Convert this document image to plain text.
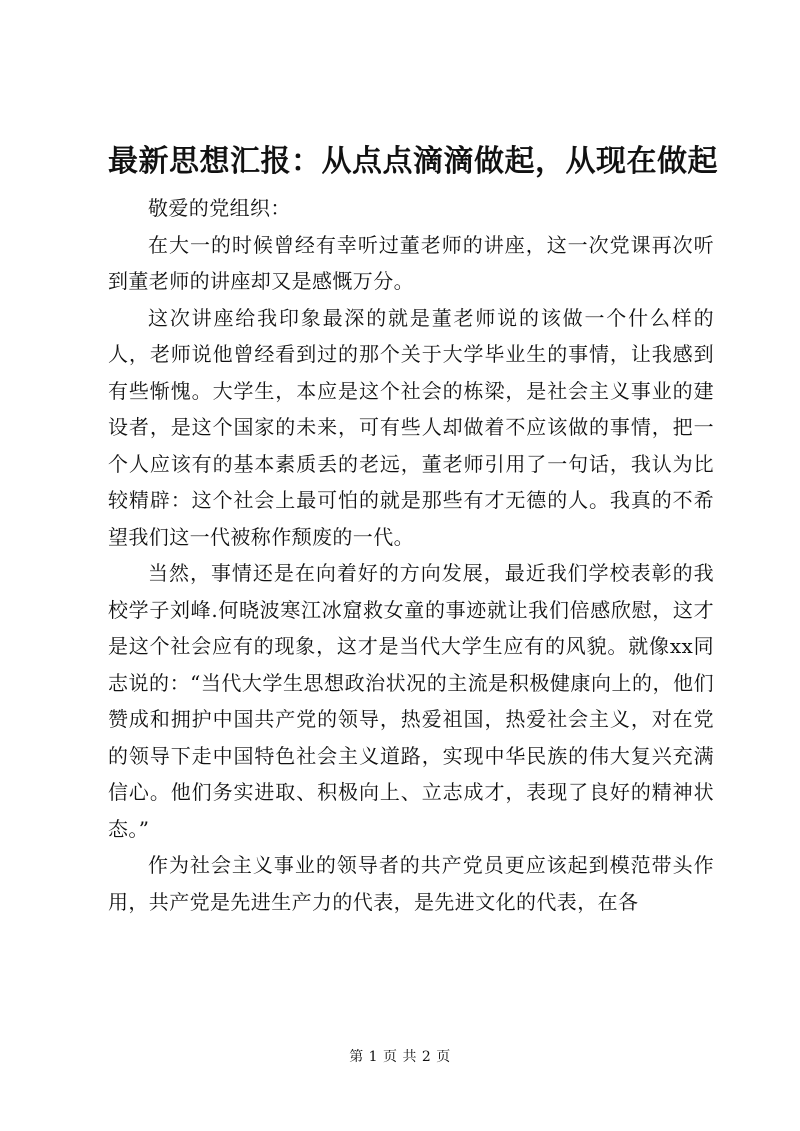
最新思想汇报：从点点滴滴做起，从现在做起

敬爱的党组织：

在大一的时候曾经有幸听过董老师的讲座，这一次党课再次听到董老师的讲座却又是感慨万分。

这次讲座给我印象最深的就是董老师说的该做一个什么样的人，老师说他曾经看到过的那个关于大学毕业生的事情，让我感到有些惭愧。大学生，本应是这个社会的栋梁，是社会主义事业的建设者，是这个国家的未来，可有些人却做着不应该做的事情，把一个人应该有的基本素质丢的老远，董老师引用了一句话，我认为比较精辟：这个社会上最可怕的就是那些有才无德的人。我真的不希望我们这一代被称作颓废的一代。

当然，事情还是在向着好的方向发展，最近我们学校表彰的我校学子刘峰.何晓波寒江冰窟救女童的事迹就让我们倍感欣慰，这才是这个社会应有的现象，这才是当代大学生应有的风貌。就像xx同志说的：“当代大学生思想政治状况的主流是积极健康向上的，他们赞成和拥护中国共产党的领导，热爱祖国，热爱社会主义，对在党的领导下走中国特色社会主义道路，实现中华民族的伟大复兴充满信心。他们务实进取、积极向上、立志成才，表现了良好的精神状态。”

作为社会主义事业的领导者的共产党员更应该起到模范带头作用，共产党是先进生产力的代表，是先进文化的代表，在各

第 1 页 共 2 页
